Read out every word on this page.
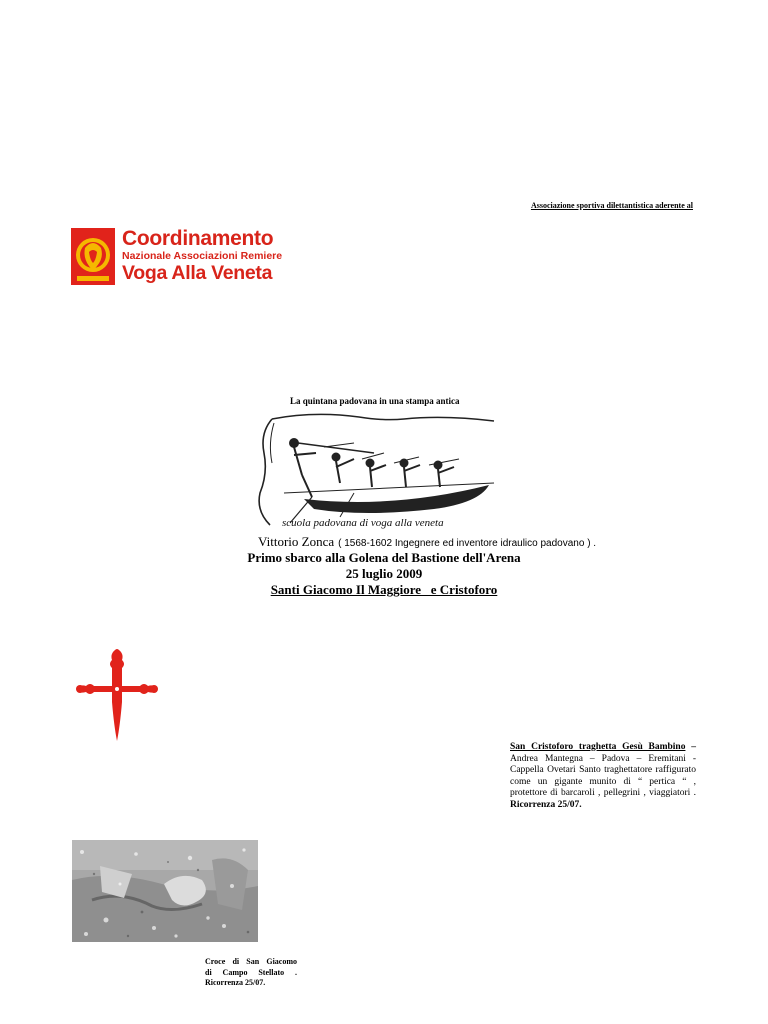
Associazione sportiva dilettantistica aderente al
Coordinamento
Nazionale Associazioni Remiere
Voga Alla Veneta
La quintana padovana in una stampa antica
scuola padovana di voga alla veneta
Vittorio Zonca ( 1568-1602 Ingegnere ed inventore idraulico padovano ) .
Primo sbarco alla Golena del Bastione dell'Arena
25 luglio 2009
Santi Giacomo Il Maggiore   e Cristoforo
San Cristoforo traghetta Gesù Bambino – Andrea Mantegna – Padova – Eremitani - Cappella Ovetari Santo traghettatore raffigurato come un gigante munito di “ pertica “ , protettore di barcaroli , pellegrini , viaggiatori . Ricorrenza 25/07.
Croce di San Giacomo
di Campo Stellato .
Ricorrenza 25/07.
